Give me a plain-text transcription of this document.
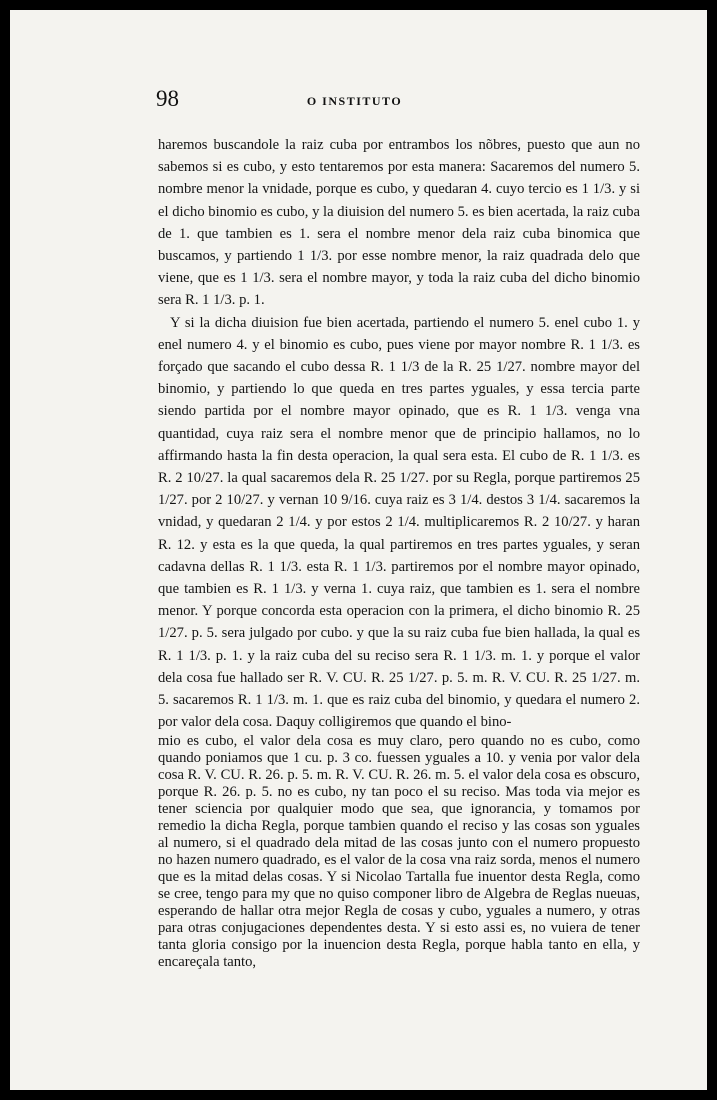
98	O INSTITUTO

haremos buscandole la raiz cuba por entrambos los nõbres, puesto que aun no sabemos si es cubo, y esto tentaremos por esta manera: Sacaremos del numero 5. nombre menor la vnidade, porque es cubo, y quedaran 4. cuyo tercio es 1 1/3. y si el dicho binomio es cubo, y la diuision del numero 5. es bien acertada, la raiz cuba de 1. que tambien es 1. sera el nombre menor dela raiz cuba binomica que buscamos, y partiendo 1 1/3. por esse nombre menor, la raiz quadrada delo que viene, que es 1 1/3. sera el nombre mayor, y toda la raiz cuba del dicho binomio sera R. 1 1/3. p. 1.

Y si la dicha diuision fue bien acertada, partiendo el numero 5. enel cubo 1. y enel numero 4. y el binomio es cubo, pues viene por mayor nombre R. 1 1/3. es forçado que sacando el cubo dessa R. 1 1/3 de la R. 25 1/27. nombre mayor del binomio, y partiendo lo que queda en tres partes yguales, y essa tercia parte siendo partida por el nombre mayor opinado, que es R. 1 1/3. venga vna quantidad, cuya raiz sera el nombre menor que de principio hallamos, no lo affirmando hasta la fin desta operacion, la qual sera esta. El cubo de R. 1 1/3. es R. 2 10/27. la qual sacaremos dela R. 25 1/27. por su Regla, porque partiremos 25 1/27. por 2 10/27. y vernan 10 9/16. cuya raiz es 3 1/4. destos 3 1/4. sacaremos la vnidad, y quedaran 2 1/4. y por estos 2 1/4. multiplicaremos R. 2 10/27. y haran R. 12. y esta es la que queda, la qual partiremos en tres partes yguales, y seran cadavna dellas R. 1 1/3. esta R. 1 1/3. partiremos por el nombre mayor opinado, que tambien es R. 1 1/3. y verna 1. cuya raiz, que tambien es 1. sera el nombre menor. Y porque concorda esta operacion con la primera, el dicho binomio R. 25 1/27. p. 5. sera julgado por cubo. y que la su raiz cuba fue bien hallada, la qual es R. 1 1/3. p. 1. y la raiz cuba del su reciso sera R. 1 1/3. m. 1. y porque el valor dela cosa fue hallado ser R. V. CU. R. 25 1/27. p. 5. m. R. V. CU. R. 25 1/27. m. 5. sacaremos R. 1 1/3. m. 1. que es raiz cuba del binomio, y quedara el numero 2. por valor dela cosa. Daquy colligiremos que quando el bino-

mio es cubo, el valor dela cosa es muy claro, pero quando no es cubo, como quando poniamos que 1 cu. p. 3 co. fuessen yguales a 10. y venia por valor dela cosa R. V. CU. R. 26. p. 5. m. R. V. CU. R. 26. m. 5. el valor dela cosa es obscuro, porque R. 26. p. 5. no es cubo, ny tan poco el su reciso. Mas toda via mejor es tener sciencia por qualquier modo que sea, que ignorancia, y tomamos por remedio la dicha Regla, porque tambien quando el reciso y las cosas son yguales al numero, si el quadrado dela mitad de las cosas junto con el numero propuesto no hazen numero quadrado, es el valor de la cosa vna raiz sorda, menos el numero que es la mitad delas cosas. Y si Nicolao Tartalla fue inuentor desta Regla, como se cree, tengo para my que no quiso componer libro de Algebra de Reglas nueuas, esperando de hallar otra mejor Regla de cosas y cubo, yguales a numero, y otras para otras conjugaciones dependentes desta. Y si esto assi es, no vuiera de tener tanta gloria consigo por la inuencion desta Regla, porque habla tanto en ella, y encareçala tanto,
